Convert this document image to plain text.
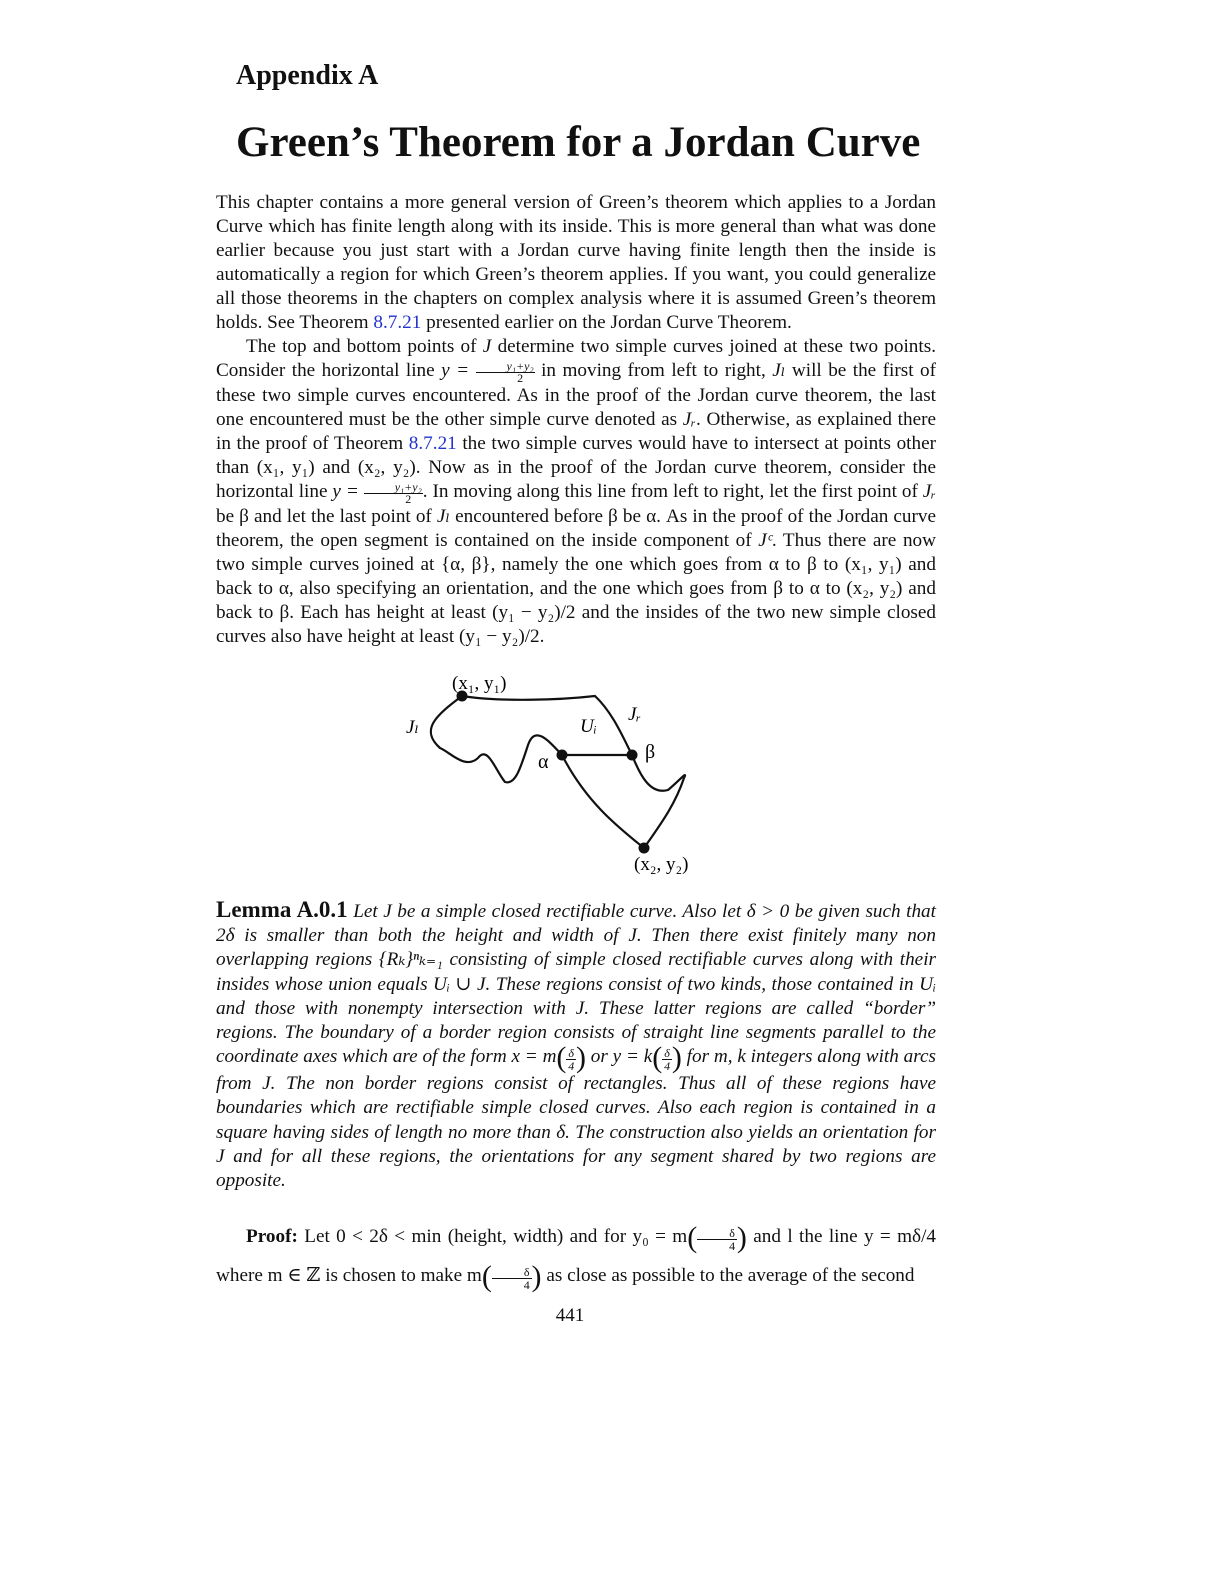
Appendix A
Green’s Theorem for a Jordan Curve

This chapter contains a more general version of Green’s theorem which applies to a Jordan Curve which has finite length along with its inside. This is more general than what was done earlier because you just start with a Jordan curve having finite length then the inside is automatically a region for which Green’s theorem applies. If you want, you could generalize all those theorems in the chapters on complex analysis where it is assumed Green’s theorem holds. See Theorem 8.7.21 presented earlier on the Jordan Curve Theorem.

The top and bottom points of J determine two simple curves joined at these two points. Consider the horizontal line $y = \frac{\text{y₁+y₂}}{2}$ in moving from left to right, Jₗ will be the first of these two simple curves encountered. As in the proof of the Jordan curve theorem, the last one encountered must be the other simple curve denoted as Jᵣ. Otherwise, as explained there in the proof of Theorem 8.7.21 the two simple curves would have to intersect at points other than (x₁, y₁) and (x₂, y₂). Now as in the proof of the Jordan curve theorem, consider the horizontal line $y = \frac{\text{y₁+y₂}}{2}$ . In moving along this line from left to right, let the first point of Jᵣ be β and let the last point of Jₗ encountered before β be α. As in the proof of the Jordan curve theorem, the open segment is contained on the inside component of Jᶜ. Thus there are now two simple curves joined at {α, β}, namely the one which goes from α to β to (x₁, y₁) and back to α, also specifying an orientation, and the one which goes from β to α to (x₂, y₂) and back to β. Each has height at least (y₁ − y₂)/2 and the insides of the two new simple closed curves also have height at least (y₁ − y₂)/2.

(x₁, y₁)
(x₂, y₂)
Jₗ
Jᵣ
Uᵢ
α	β

Lemma A.0.1 Let J be a simple closed rectifiable curve. Also let δ > 0 be given such that 2δ is smaller than both the height and width of J. Then there exist finitely many non overlapping regions {Rₖ}ⁿₖ₌₁ consisting of simple closed rectifiable curves along with their insides whose union equals Uᵢ ∪ J. These regions consist of two kinds, those contained in Uᵢ and those with nonempty intersection with J. These latter regions are called “border” regions. The boundary of a border region consists of straight line segments parallel to the coordinate axes which are of the form $x = m( \frac{\delta}{4}$ ) or $y = k( \frac{\delta}{4}$ ) for m, k integers along with arcs from J. The non border regions consist of rectangles. Thus all of these regions have boundaries which are rectifiable simple closed curves. Also each region is contained in a square having sides of length no more than δ. The construction also yields an orientation for J and for all these regions, the orientations for any segment shared by two regions are opposite.

Proof: Let 0 < 2δ < min (height, width) and for $y_0 = m( \frac{\delta}{4}$ ) and l the line y = mδ/4 where m ∈ ℤ is chosen to make $m( \frac{\delta}{4}$ ) as close as possible to the average of the second

441
